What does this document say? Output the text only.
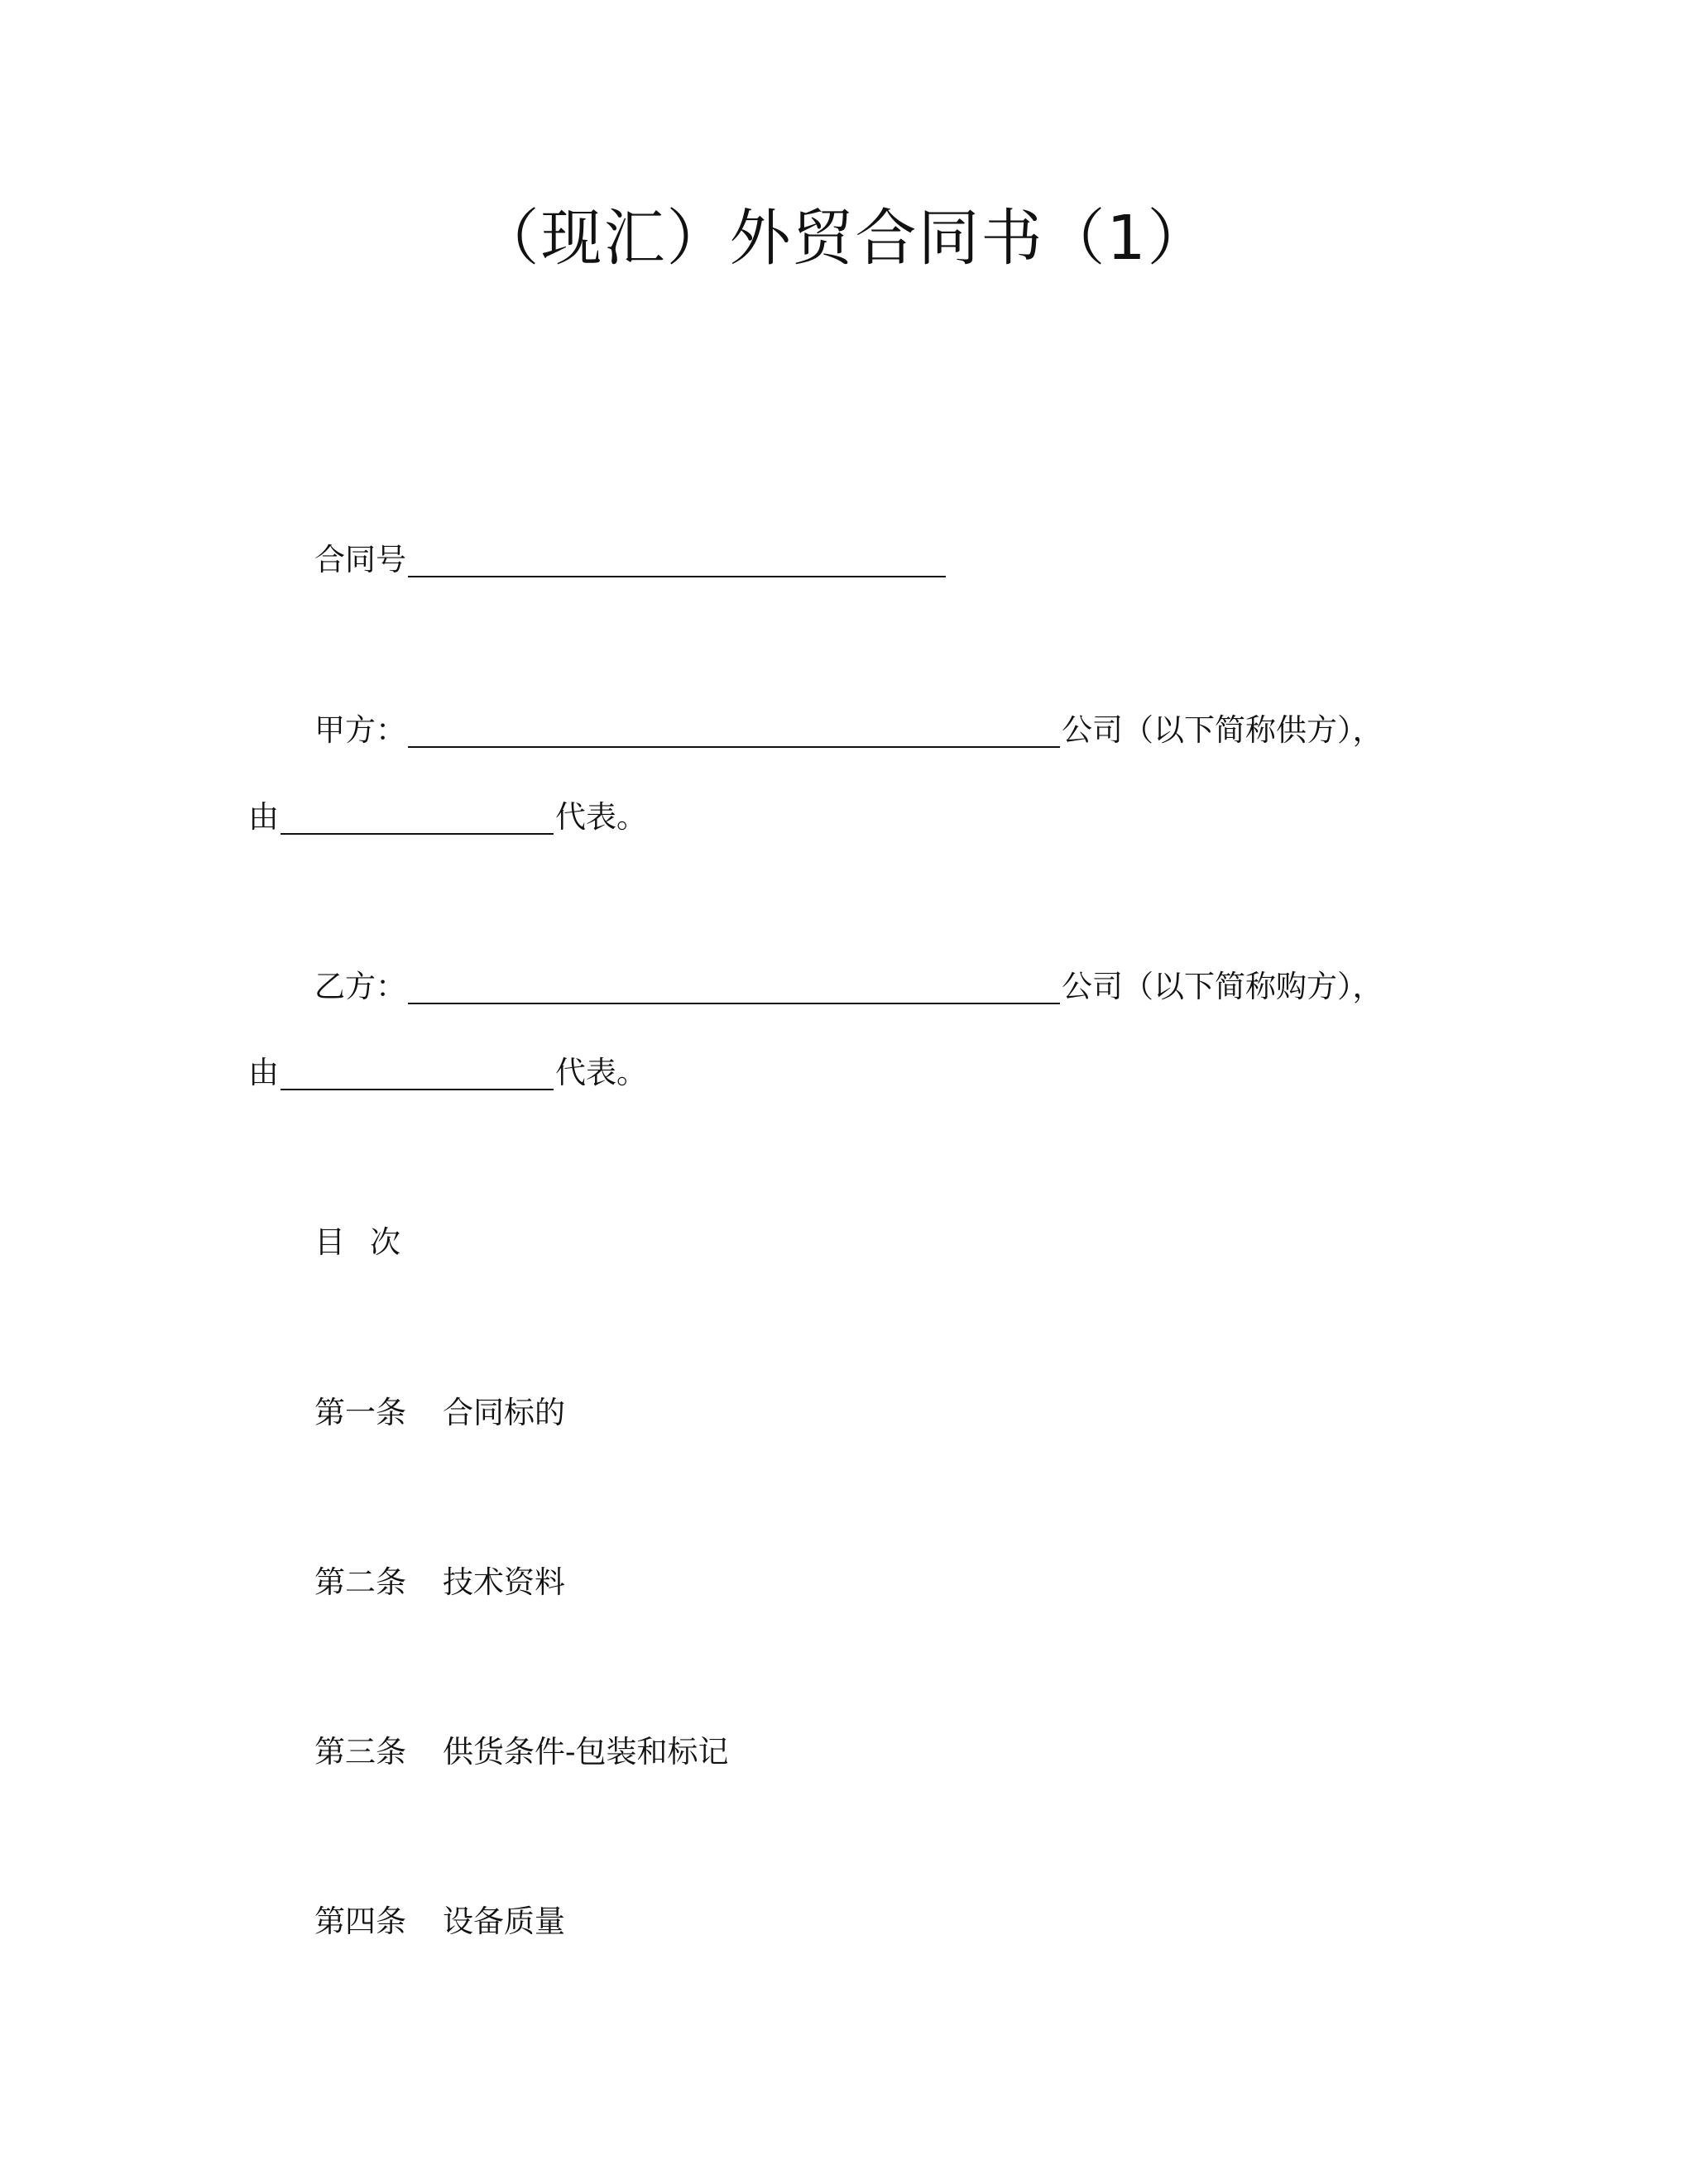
（现汇）外贸合同书（1）
合同号
甲方：	公司（以下简称供方），
由	代表。
乙方：	公司（以下简称购方），
由	代表。
目 次
第一条 合同标的
第二条 技术资料
第三条 供货条件-包装和标记
第四条 设备质量
